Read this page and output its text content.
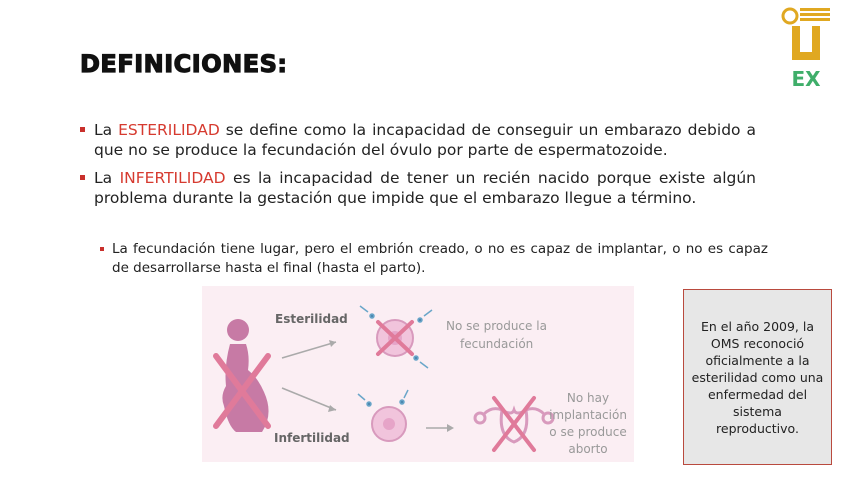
DEFINICIONES:
EX
La ESTERILIDAD se define como la incapacidad de conseguir un embarazo debido a que no se produce la fecundación del óvulo por parte de espermatozoide.
La INFERTILIDAD es la incapacidad de tener un recién nacido porque existe algún problema durante la gestación que impide que el embarazo llegue a término.
La fecundación tiene lugar, pero el embrión creado, o no es capaz de implantar, o no es capaz de desarrollarse hasta el final (hasta el parto).
Esterilidad
Infertilidad
No se produce la
fecundación
No hay
implantación
o se produce
aborto
En el año 2009, la OMS reconoció oficialmente a la esterilidad como una enfermedad del sistema reproductivo.
